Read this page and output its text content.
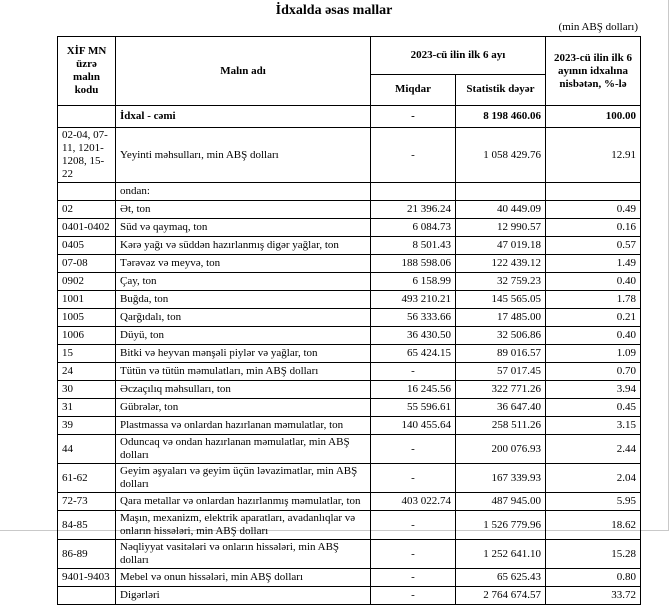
İdxalda əsas mallar
(min ABŞ dolları)
XİF MN üzrə malın kodu	Malın adı	2023-cü ilin ilk 6 ayı		2023-cü ilin ilk 6 ayının idxalına nisbətən, %-lə
		Miqdar	Statistik dəyər	
	İdxal - cəmi	-	8 198 460.06	100.00
02-04, 07-11, 1201-1208, 15-22	Yeyinti məhsulları, min ABŞ dolları	-	1 058 429.76	12.91
	ondan:			
02	Ət, ton	21 396.24	40 449.09	0.49
0401-0402	Süd və qaymaq, ton	6 084.73	12 990.57	0.16
0405	Kərə yağı və süddən hazırlanmış digər yağlar, ton	8 501.43	47 019.18	0.57
07-08	Tərəvəz və meyvə, ton	188 598.06	122 439.12	1.49
0902	Çay, ton	6 158.99	32 759.23	0.40
1001	Buğda, ton	493 210.21	145 565.05	1.78
1005	Qarğıdalı, ton	56 333.66	17 485.00	0.21
1006	Düyü, ton	36 430.50	32 506.86	0.40
15	Bitki və heyvan mənşəli piylər və yağlar, ton	65 424.15	89 016.57	1.09
24	Tütün və tütün məmulatları, min ABŞ dolları	-	57 017.45	0.70
30	Əczaçılıq məhsulları, ton	16 245.56	322 771.26	3.94
31	Gübrələr, ton	55 596.61	36 647.40	0.45
39	Plastmassa və onlardan hazırlanan məmulatlar, ton	140 455.64	258 511.26	3.15
44	Oduncaq və ondan hazırlanan məmulatlar, min ABŞ dolları	-	200 076.93	2.44
61-62	Geyim əşyaları və geyim üçün ləvazimatlar, min ABŞ dolları	-	167 339.93	2.04
72-73	Qara metallar və onlardan hazırlanmış məmulatlar, ton	403 022.74	487 945.00	5.95
84-85	Maşın, mexanizm, elektrik aparatları, avadanlıqlar və onların hissələri, min ABŞ dolları	-	1 526 779.96	18.62
86-89	Nəqliyyat vasitələri və onların hissələri, min ABŞ dolları	-	1 252 641.10	15.28
9401-9403	Mebel və onun hissələri, min ABŞ dolları	-	65 625.43	0.80
	Digərləri	-	2 764 674.57	33.72
